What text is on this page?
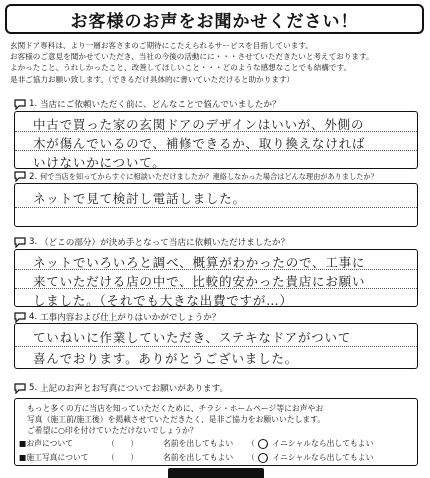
お客様のお声をお聞かせください！
玄関ドア専科は、より一層お客さまのご期待にこたえられるサービスを目指しています。
お客様のご意見を聞かせていただき、当社の今後の活動にに・・・させていただきたいと考えております。
よかったこと、うれしかったこと、改善してほしいこと・・・どのような感想なことでも結構です。
是非ご協力お願い致します。（できるだけ具体的に書いていただけると助かります）
1 . 当店にご依頼いただく前に、どんなことで悩んでいましたか？
中古で買った家の玄関ドアのデザインはいいが、外側の
木が傷んでいるので、補修できるか、取り換えなければ
いけないかについて。
2 . 何で当店を知ってからすぐに相談いただけましたか？連絡しなかった場合はどんな理由がありましたか？
ネットで見て検討し電話しました。
3 . （どこの部分）が決め手となって当店に依頼いただけましたか？
ネットでいろいろと調べ、概算がわかったので、工事に
来ていただける店の中で、比較的安かった貴店にお願い
しました。（それでも大きな出費ですが…）
4 . 工事内容および仕上がりはいかがでしょうか？
ていねいに作業していただき、ステキなドアがついて
喜んでおります。ありがとうございました。
5 . 上記のお声とお写真についてお願いがあります。
もっと多くの方に当店を知っていただくために、チラシ・ホームページ等にお声やお
写真（施工前/施工後）を掲載させていただきたく、是非ご協力をお願いいたします。
ご希望に○印を付けていただけないでしょうか？
■お声について	（　　）	名前を出してもよい （    ）イニシャルなら出してもよい
■施工写真について （　　）	名前を出してもよい （    ）イニシャルなら出してもよい
